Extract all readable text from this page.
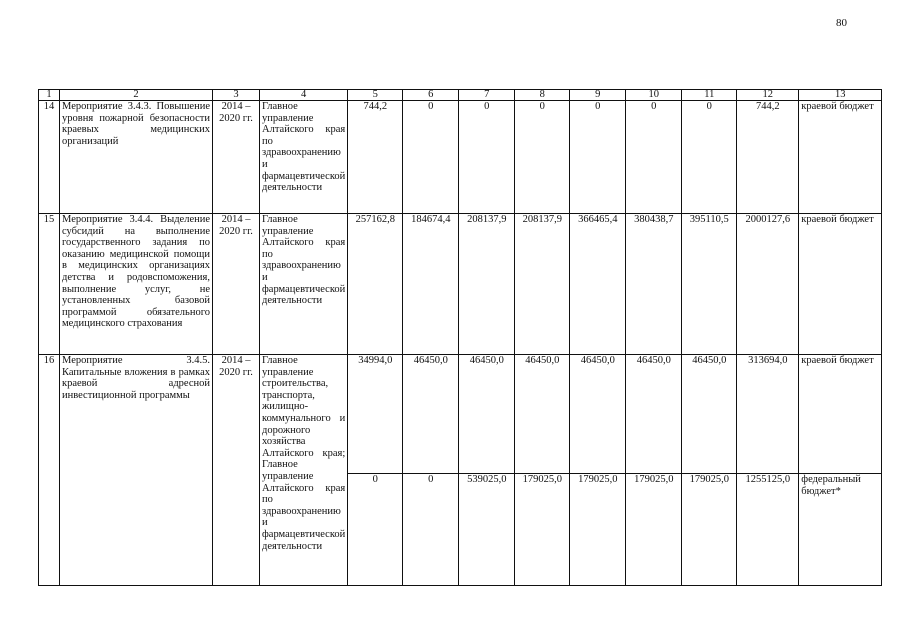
80
1	2	3	4	5	6	7	8	9	10	11	12	13
14	Мероприятие 3.4.3. Повышение уровня пожарной безопасности краевых медицинских организаций	2014 – 2020 гг.	Главное управление Алтайского края по здравоохранению и фармацевтической деятельности	744,2	0	0	0	0	0	0	744,2	краевой бюджет
15	Мероприятие 3.4.4. Выделение субсидий на выполнение государственного задания по оказанию медицинской помощи в медицинских организациях детства и родовспоможения, выполнение услуг, не установленных базовой программой обязательного медицинского страхования	2014 – 2020 гг.	Главное управление Алтайского края по здравоохранению и фармацевтической деятельности	257162,8	184674,4	208137,9	208137,9	366465,4	380438,7	395110,5	2000127,6	краевой бюджет
16	Мероприятие 3.4.5. Капитальные вложения в рамках краевой адресной инвестиционной программы	2014 – 2020 гг.	Главное управление строительства, транспорта, жилищно-коммунального и дорожного хозяйства Алтайского края; Главное управление Алтайского края по здравоохранению и фармацевтической деятельности	34994,0	46450,0	46450,0	46450,0	46450,0	46450,0	46450,0	313694,0	краевой бюджет
				0	0	539025,0	179025,0	179025,0	179025,0	179025,0	1255125,0	федеральный бюджет*
